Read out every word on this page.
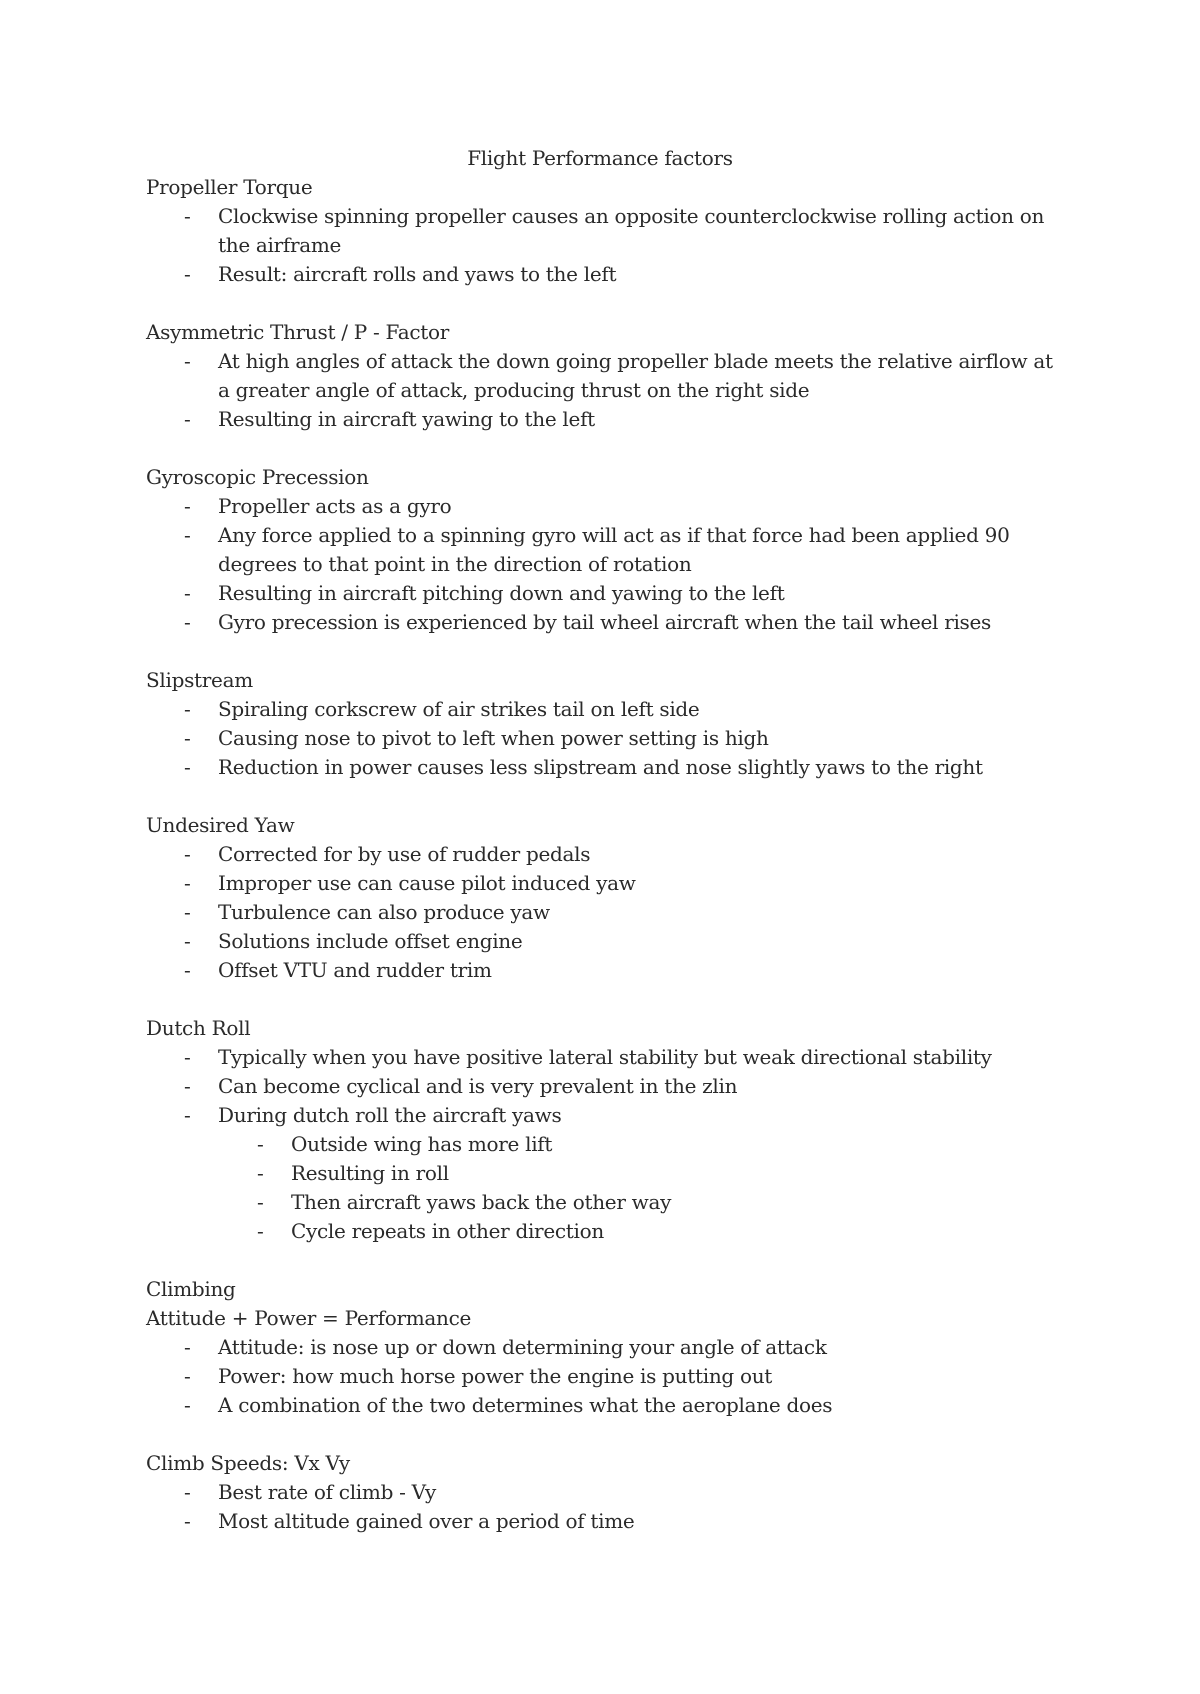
Flight Performance factors
Propeller Torque
- Clockwise spinning propeller causes an opposite counterclockwise rolling action on the airframe
- Result: aircraft rolls and yaws to the left
Asymmetric Thrust / P - Factor
- At high angles of attack the down going propeller blade meets the relative airflow at a greater angle of attack, producing thrust on the right side
- Resulting in aircraft yawing to the left
Gyroscopic Precession
- Propeller acts as a gyro
- Any force applied to a spinning gyro will act as if that force had been applied 90 degrees to that point in the direction of rotation
- Resulting in aircraft pitching down and yawing to the left
- Gyro precession is experienced by tail wheel aircraft when the tail wheel rises
Slipstream
- Spiraling corkscrew of air strikes tail on left side
- Causing nose to pivot to left when power setting is high
- Reduction in power causes less slipstream and nose slightly yaws to the right
Undesired Yaw
- Corrected for by use of rudder pedals
- Improper use can cause pilot induced yaw
- Turbulence can also produce yaw
- Solutions include offset engine
- Offset VTU and rudder trim
Dutch Roll
- Typically when you have positive lateral stability but weak directional stability
- Can become cyclical and is very prevalent in the zlin
- During dutch roll the aircraft yaws
- Outside wing has more lift
- Resulting in roll
- Then aircraft yaws back the other way
- Cycle repeats in other direction
Climbing
Attitude + Power = Performance
- Attitude: is nose up or down determining your angle of attack
- Power: how much horse power the engine is putting out
- A combination of the two determines what the aeroplane does
Climb Speeds: Vx Vy
- Best rate of climb - Vy
- Most altitude gained over a period of time
